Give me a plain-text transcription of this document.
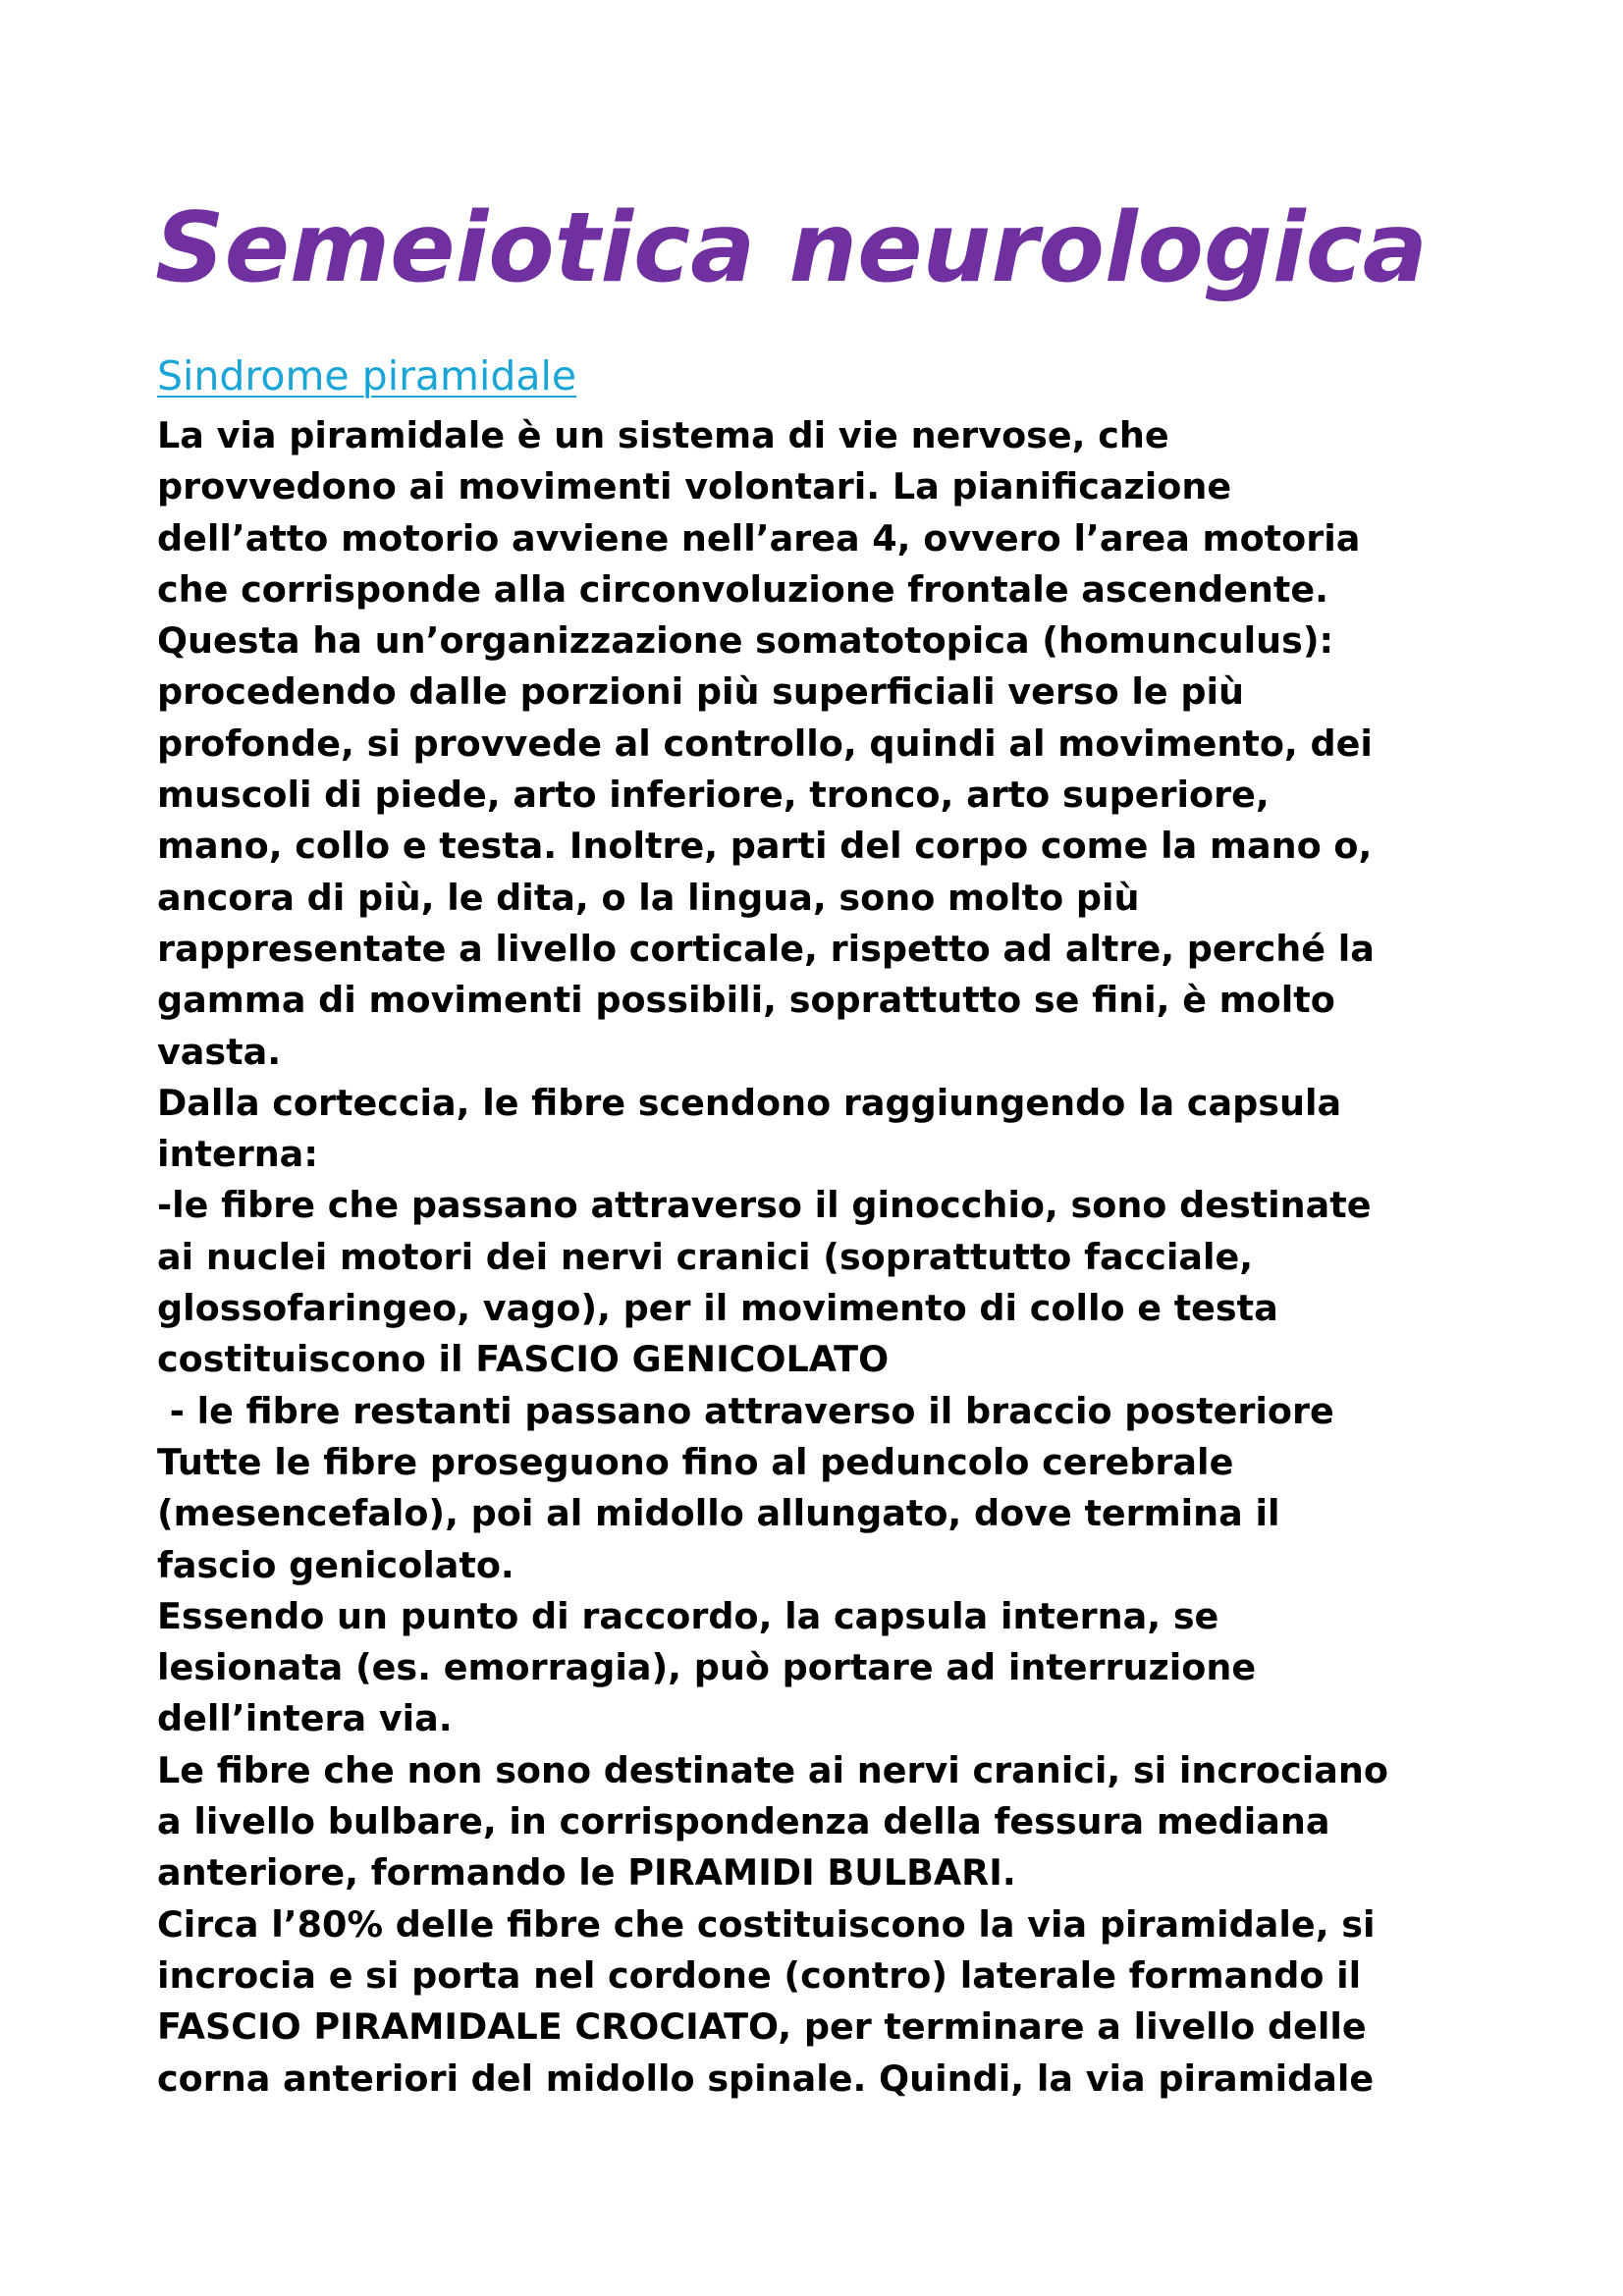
Semeiotica neurologica
Sindrome piramidale
La via piramidale è un sistema di vie nervose, che
provvedono ai movimenti volontari. La pianificazione
dell’atto motorio avviene nell’area 4, ovvero l’area motoria
che corrisponde alla circonvoluzione frontale ascendente.
Questa ha un’organizzazione somatotopica (homunculus):
procedendo dalle porzioni più superficiali verso le più
profonde, si provvede al controllo, quindi al movimento, dei
muscoli di piede, arto inferiore, tronco, arto superiore,
mano, collo e testa. Inoltre, parti del corpo come la mano o,
ancora di più, le dita, o la lingua, sono molto più
rappresentate a livello corticale, rispetto ad altre, perché la
gamma di movimenti possibili, soprattutto se fini, è molto
vasta.
Dalla corteccia, le fibre scendono raggiungendo la capsula
interna:
-le fibre che passano attraverso il ginocchio, sono destinate
ai nuclei motori dei nervi cranici (soprattutto facciale,
glossofaringeo, vago), per il movimento di collo e testa
costituiscono il FASCIO GENICOLATO
- le fibre restanti passano attraverso il braccio posteriore
Tutte le fibre proseguono fino al peduncolo cerebrale
(mesencefalo), poi al midollo allungato, dove termina il
fascio genicolato.
Essendo un punto di raccordo, la capsula interna, se
lesionata (es. emorragia), può portare ad interruzione
dell’intera via.
Le fibre che non sono destinate ai nervi cranici, si incrociano
a livello bulbare, in corrispondenza della fessura mediana
anteriore, formando le PIRAMIDI BULBARI.
Circa l’80% delle fibre che costituiscono la via piramidale, si
incrocia e si porta nel cordone (contro) laterale formando il
FASCIO PIRAMIDALE CROCIATO, per terminare a livello delle
corna anteriori del midollo spinale. Quindi, la via piramidale
